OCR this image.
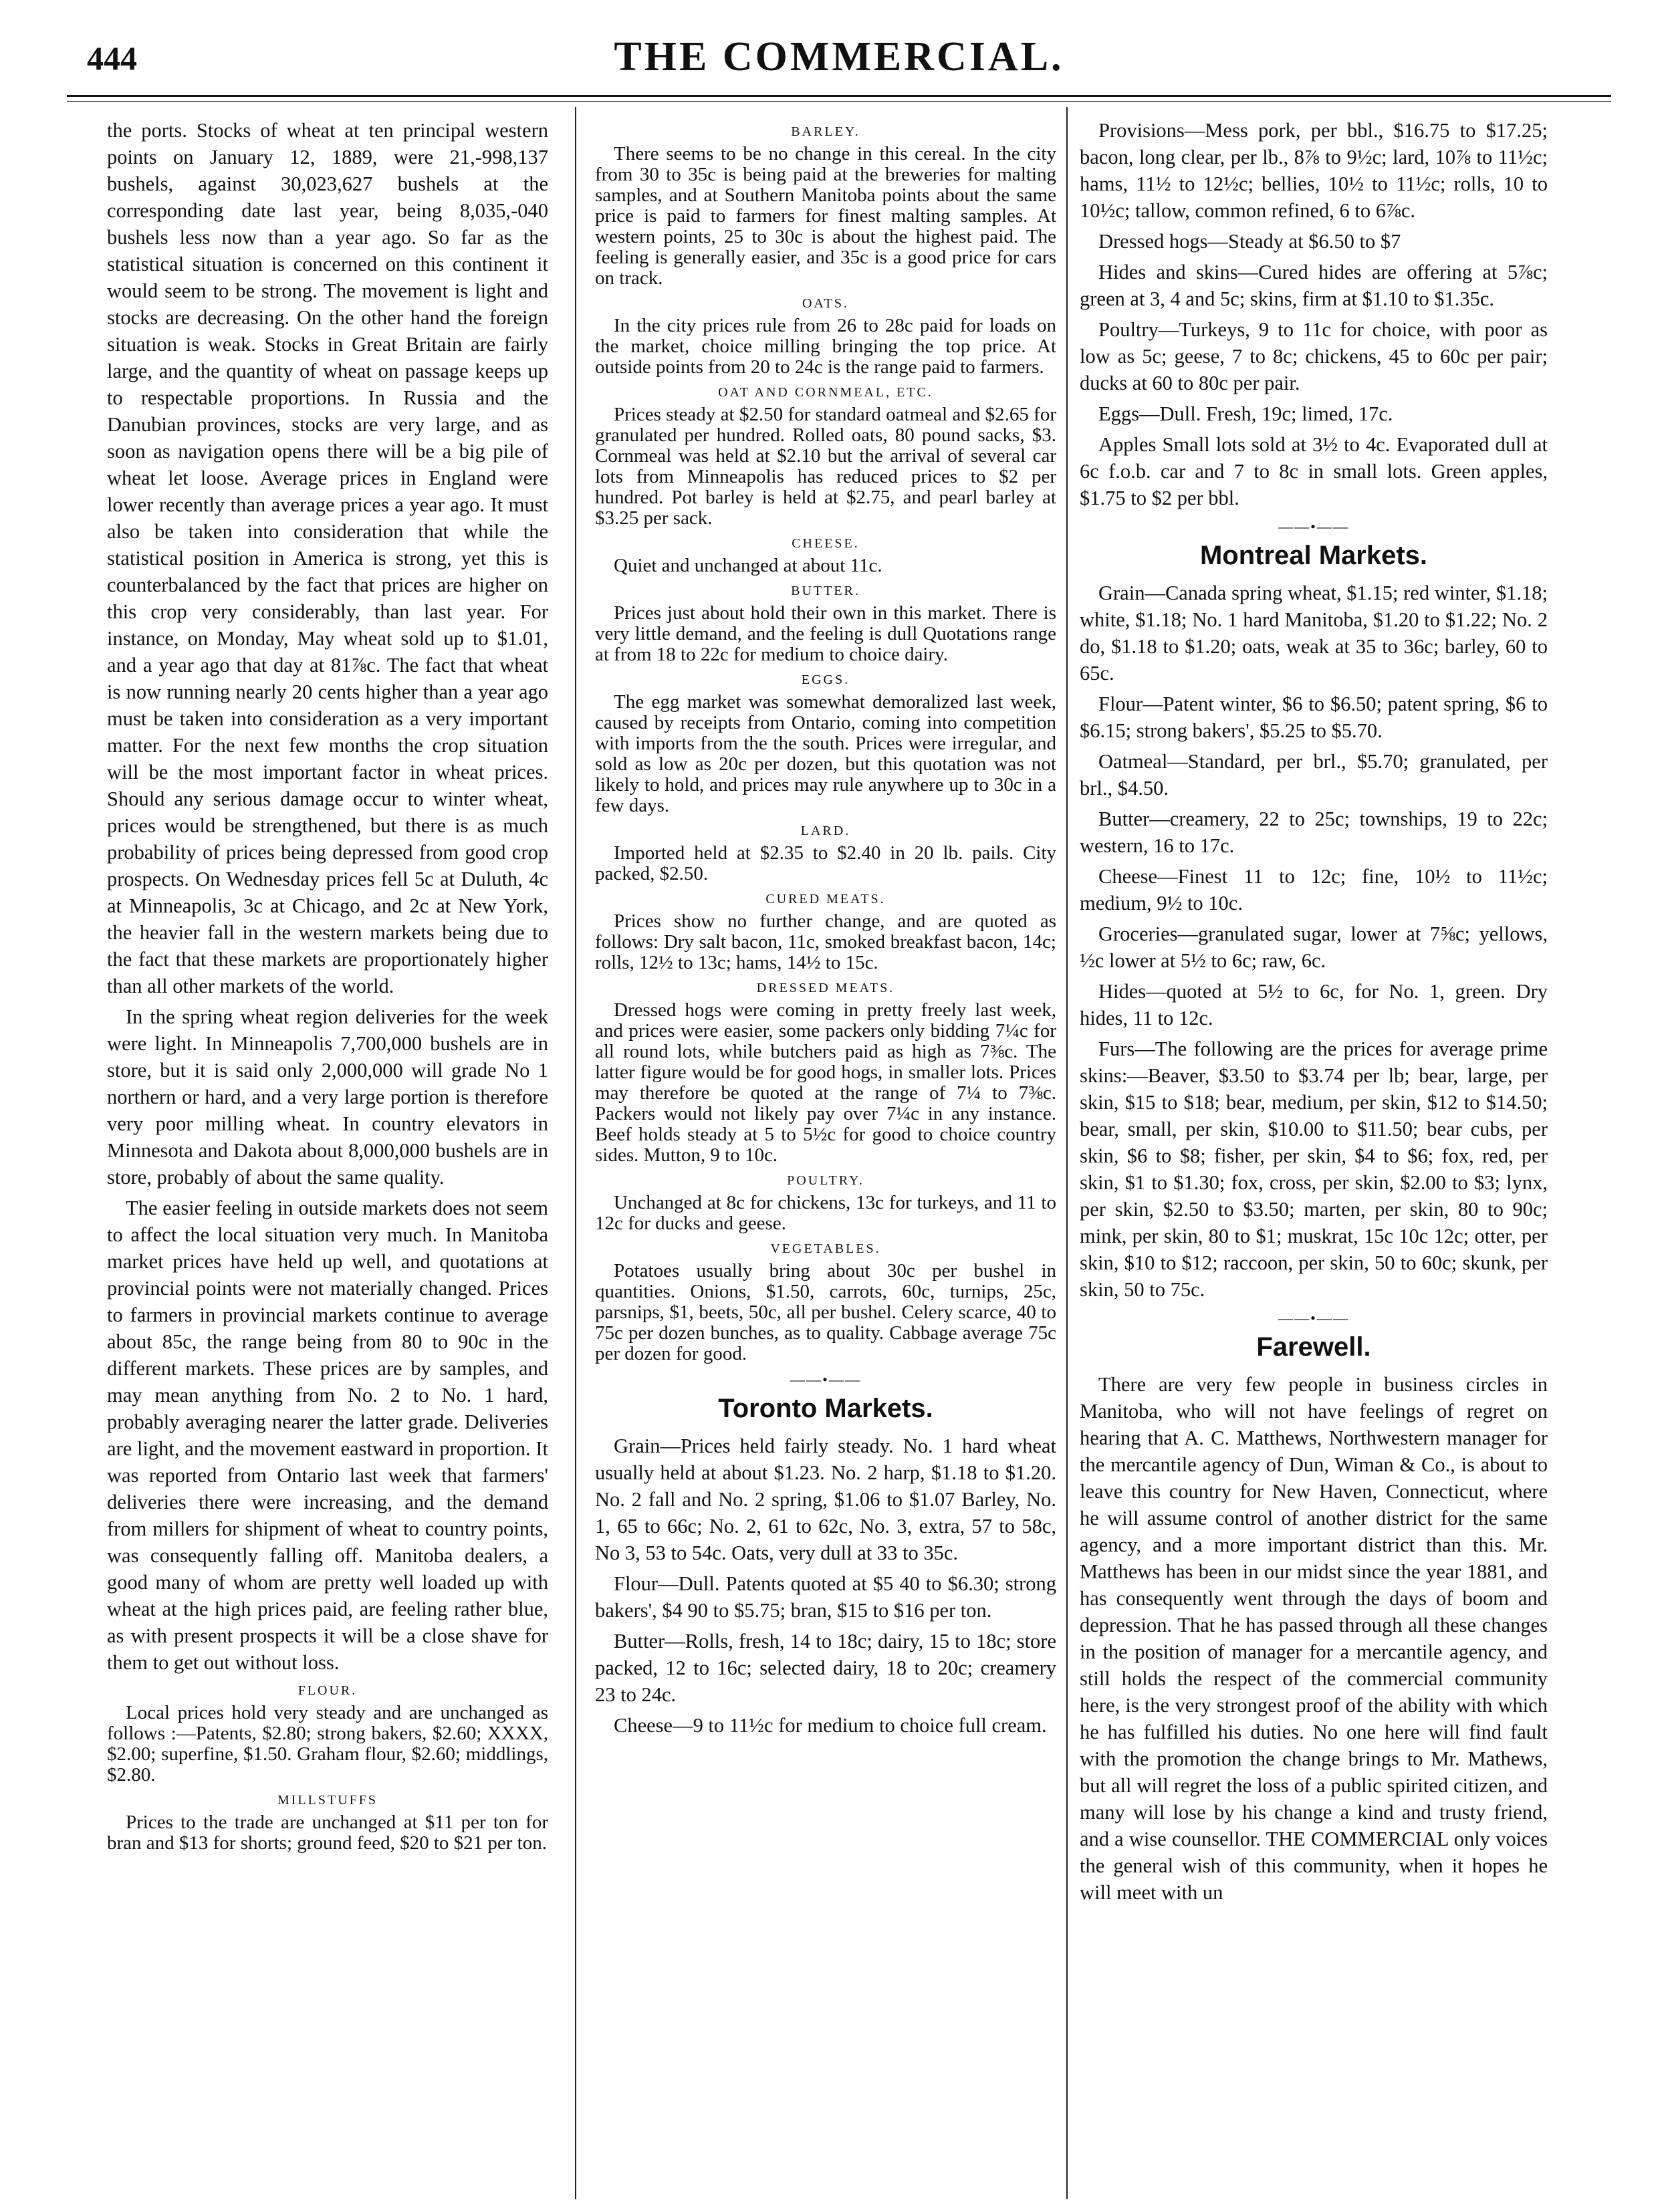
444	THE COMMERCIAL.

the ports. Stocks of wheat at ten principal western points on January 12, 1889, were 21,-998,137 bushels, against 30,023,627 bushels at the corresponding date last year, being 8,035,-040 bushels less now than a year ago. So far as the statistical situation is concerned on this continent it would seem to be strong. The movement is light and stocks are decreasing. On the other hand the foreign situation is weak. Stocks in Great Britain are fairly large, and the quantity of wheat on passage keeps up to respectable proportions. In Russia and the Danubian provinces, stocks are very large, and as soon as navigation opens there will be a big pile of wheat let loose. Average prices in England were lower recently than average prices a year ago. It must also be taken into consideration that while the statistical position in America is strong, yet this is counterbalanced by the fact that prices are higher on this crop very considerably, than last year. For instance, on Monday, May wheat sold up to $1.01, and a year ago that day at 81⅞c. The fact that wheat is now running nearly 20 cents higher than a year ago must be taken into consideration as a very important matter. For the next few months the crop situation will be the most important factor in wheat prices. Should any serious damage occur to winter wheat, prices would be strengthened, but there is as much probability of prices being depressed from good crop prospects. On Wednesday prices fell 5c at Duluth, 4c at Minneapolis, 3c at Chicago, and 2c at New York, the heavier fall in the western markets being due to the fact that these markets are proportionately higher than all other markets of the world.

In the spring wheat region deliveries for the week were light. In Minneapolis 7,700,000 bushels are in store, but it is said only 2,000,000 will grade No 1 northern or hard, and a very large portion is therefore very poor milling wheat. In country elevators in Minnesota and Dakota about 8,000,000 bushels are in store, probably of about the same quality.

The easier feeling in outside markets does not seem to affect the local situation very much. In Manitoba market prices have held up well, and quotations at provincial points were not materially changed. Prices to farmers in provincial markets continue to average about 85c, the range being from 80 to 90c in the different markets. These prices are by samples, and may mean anything from No. 2 to No. 1 hard, probably averaging nearer the latter grade. Deliveries are light, and the movement eastward in proportion. It was reported from Ontario last week that farmers' deliveries there were increasing, and the demand from millers for shipment of wheat to country points, was consequently falling off. Manitoba dealers, a good many of whom are pretty well loaded up with wheat at the high prices paid, are feeling rather blue, as with present prospects it will be a close shave for them to get out without loss.

FLOUR.

Local prices hold very steady and are unchanged as follows :—Patents, $2.80; strong bakers, $2.60; XXXX, $2.00; superfine, $1.50. Graham flour, $2.60; middlings, $2.80.

MILLSTUFFS

Prices to the trade are unchanged at $11 per ton for bran and $13 for shorts; ground feed, $20 to $21 per ton.

BARLEY.

There seems to be no change in this cereal. In the city from 30 to 35c is being paid at the breweries for malting samples, and at Southern Manitoba points about the same price is paid to farmers for finest malting samples. At western points, 25 to 30c is about the highest paid. The feeling is generally easier, and 35c is a good price for cars on track.

OATS.

In the city prices rule from 26 to 28c paid for loads on the market, choice milling bringing the top price. At outside points from 20 to 24c is the range paid to farmers.

OAT AND CORNMEAL, ETC.

Prices steady at $2.50 for standard oatmeal and $2.65 for granulated per hundred. Rolled oats, 80 pound sacks, $3. Cornmeal was held at $2.10 but the arrival of several car lots from Minneapolis has reduced prices to $2 per hundred. Pot barley is held at $2.75, and pearl barley at $3.25 per sack.

CHEESE.

Quiet and unchanged at about 11c.

BUTTER.

Prices just about hold their own in this market. There is very little demand, and the feeling is dull Quotations range at from 18 to 22c for medium to choice dairy.

EGGS.

The egg market was somewhat demoralized last week, caused by receipts from Ontario, coming into competition with imports from the the south. Prices were irregular, and sold as low as 20c per dozen, but this quotation was not likely to hold, and prices may rule anywhere up to 30c in a few days.

LARD.

Imported held at $2.35 to $2.40 in 20 lb. pails. City packed, $2.50.

CURED MEATS.

Prices show no further change, and are quoted as follows: Dry salt bacon, 11c, smoked breakfast bacon, 14c; rolls, 12½ to 13c; hams, 14½ to 15c.

DRESSED MEATS.

Dressed hogs were coming in pretty freely last week, and prices were easier, some packers only bidding 7¼c for all round lots, while butchers paid as high as 7⅜c. The latter figure would be for good hogs, in smaller lots. Prices may therefore be quoted at the range of 7¼ to 7⅜c. Packers would not likely pay over 7¼c in any instance. Beef holds steady at 5 to 5½c for good to choice country sides. Mutton, 9 to 10c.

POULTRY.

Unchanged at 8c for chickens, 13c for turkeys, and 11 to 12c for ducks and geese.

VEGETABLES.

Potatoes usually bring about 30c per bushel in quantities. Onions, $1.50, carrots, 60c, turnips, 25c, parsnips, $1, beets, 50c, all per bushel. Celery scarce, 40 to 75c per dozen bunches, as to quality. Cabbage average 75c per dozen for good.

——•——
Toronto Markets.

Grain—Prices held fairly steady. No. 1 hard wheat usually held at about $1.23. No. 2 harp, $1.18 to $1.20. No. 2 fall and No. 2 spring, $1.06 to $1.07 Barley, No. 1, 65 to 66c; No. 2, 61 to 62c, No. 3, extra, 57 to 58c, No 3, 53 to 54c. Oats, very dull at 33 to 35c.

Flour—Dull. Patents quoted at $5 40 to $6.30; strong bakers', $4 90 to $5.75; bran, $15 to $16 per ton.

Butter—Rolls, fresh, 14 to 18c; dairy, 15 to 18c; store packed, 12 to 16c; selected dairy, 18 to 20c; creamery 23 to 24c.

Cheese—9 to 11½c for medium to choice full cream.

Provisions—Mess pork, per bbl., $16.75 to $17.25; bacon, long clear, per lb., 8⅞ to 9½c; lard, 10⅞ to 11½c; hams, 11½ to 12½c; bellies, 10½ to 11½c; rolls, 10 to 10½c; tallow, common refined, 6 to 6⅞c.

Dressed hogs—Steady at $6.50 to $7

Hides and skins—Cured hides are offering at 5⅞c; green at 3, 4 and 5c; skins, firm at $1.10 to $1.35c.

Poultry—Turkeys, 9 to 11c for choice, with poor as low as 5c; geese, 7 to 8c; chickens, 45 to 60c per pair; ducks at 60 to 80c per pair.

Eggs—Dull. Fresh, 19c; limed, 17c.

Apples Small lots sold at 3½ to 4c. Evaporated dull at 6c f.o.b. car and 7 to 8c in small lots. Green apples, $1.75 to $2 per bbl.

——•——
Montreal Markets.

Grain—Canada spring wheat, $1.15; red winter, $1.18; white, $1.18; No. 1 hard Manitoba, $1.20 to $1.22; No. 2 do, $1.18 to $1.20; oats, weak at 35 to 36c; barley, 60 to 65c.

Flour—Patent winter, $6 to $6.50; patent spring, $6 to $6.15; strong bakers', $5.25 to $5.70.

Oatmeal—Standard, per brl., $5.70; granulated, per brl., $4.50.

Butter—creamery, 22 to 25c; townships, 19 to 22c; western, 16 to 17c.

Cheese—Finest 11 to 12c; fine, 10½ to 11½c; medium, 9½ to 10c.

Groceries—granulated sugar, lower at 7⅝c; yellows, ½c lower at 5½ to 6c; raw, 6c.

Hides—quoted at 5½ to 6c, for No. 1, green. Dry hides, 11 to 12c.

Furs—The following are the prices for average prime skins:—Beaver, $3.50 to $3.74 per lb; bear, large, per skin, $15 to $18; bear, medium, per skin, $12 to $14.50; bear, small, per skin, $10.00 to $11.50; bear cubs, per skin, $6 to $8; fisher, per skin, $4 to $6; fox, red, per skin, $1 to $1.30; fox, cross, per skin, $2.00 to $3; lynx, per skin, $2.50 to $3.50; marten, per skin, 80 to 90c; mink, per skin, 80 to $1; muskrat, 15c 10c 12c; otter, per skin, $10 to $12; raccoon, per skin, 50 to 60c; skunk, per skin, 50 to 75c.

——•——
Farewell.

There are very few people in business circles in Manitoba, who will not have feelings of regret on hearing that A. C. Matthews, Northwestern manager for the mercantile agency of Dun, Wiman & Co., is about to leave this country for New Haven, Connecticut, where he will assume control of another district for the same agency, and a more important district than this. Mr. Matthews has been in our midst since the year 1881, and has consequently went through the days of boom and depression. That he has passed through all these changes in the position of manager for a mercantile agency, and still holds the respect of the commercial community here, is the very strongest proof of the ability with which he has fulfilled his duties. No one here will find fault with the promotion the change brings to Mr. Mathews, but all will regret the loss of a public spirited citizen, and many will lose by his change a kind and trusty friend, and a wise counsellor. THE COMMERCIAL only voices the general wish of this community, when it hopes he will meet with un
